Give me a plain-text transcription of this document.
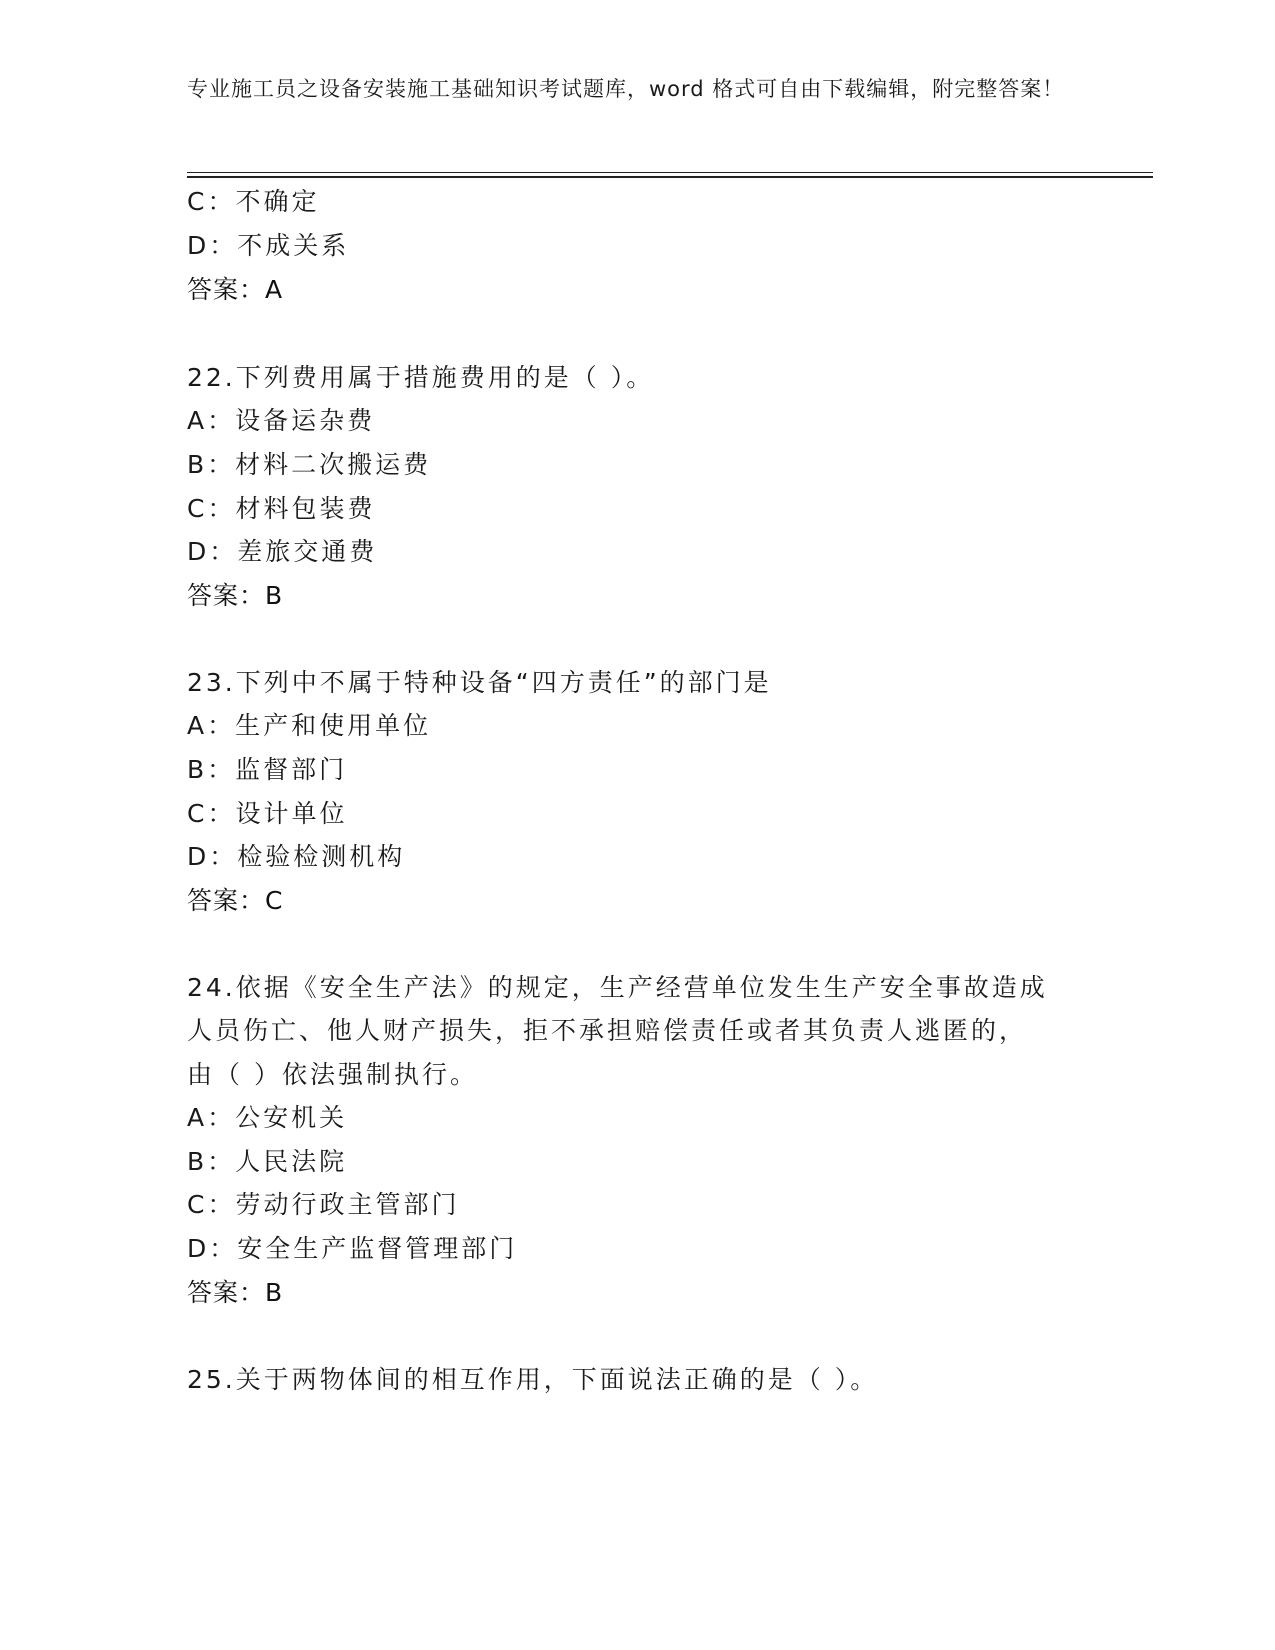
专业施工员之设备安装施工基础知识考试题库，word 格式可自由下载编辑，附完整答案！
C：不确定
D：不成关系
答案：A
22.下列费用属于措施费用的是（ ）。
A：设备运杂费
B：材料二次搬运费
C：材料包装费
D：差旅交通费
答案：B
23.下列中不属于特种设备“四方责任”的部门是
A：生产和使用单位
B：监督部门
C：设计单位
D：检验检测机构
答案：C
24.依据《安全生产法》的规定，生产经营单位发生生产安全事故造成
人员伤亡、他人财产损失，拒不承担赔偿责任或者其负责人逃匿的，
由（ ）依法强制执行。
A：公安机关
B：人民法院
C：劳动行政主管部门
D：安全生产监督管理部门
答案：B
25.关于两物体间的相互作用，下面说法正确的是（ ）。
